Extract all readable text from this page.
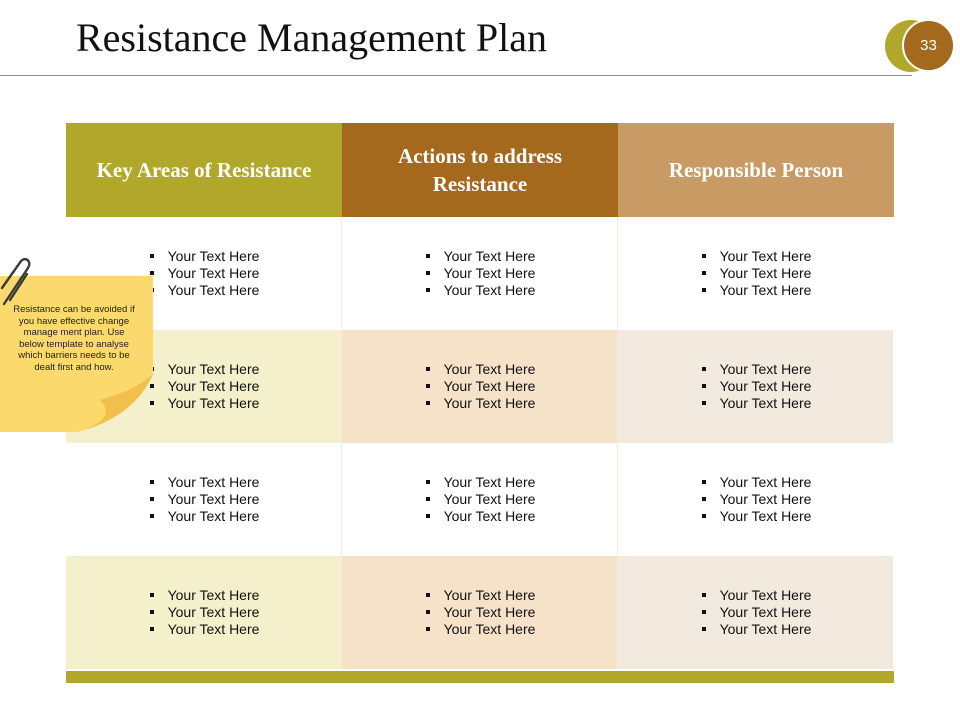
Resistance Management Plan	33
Key Areas of Resistance
Actions to address Resistance
Responsible Person
Your Text Here
Your Text Here
Your Text Here
Your Text Here
Your Text Here
Your Text Here
Your Text Here
Your Text Here
Your Text Here
Your Text Here
Your Text Here
Your Text Here
Your Text Here
Your Text Here
Your Text Here
Your Text Here
Your Text Here
Your Text Here
Your Text Here
Your Text Here
Your Text Here
Your Text Here
Your Text Here
Your Text Here
Your Text Here
Your Text Here
Your Text Here
Your Text Here
Your Text Here
Your Text Here
Your Text Here
Your Text Here
Your Text Here
Your Text Here
Your Text Here
Your Text Here

Resistance can be avoided if you have effective change manage ment plan. Use below template to analyse which barriers needs to be dealt first and how.
